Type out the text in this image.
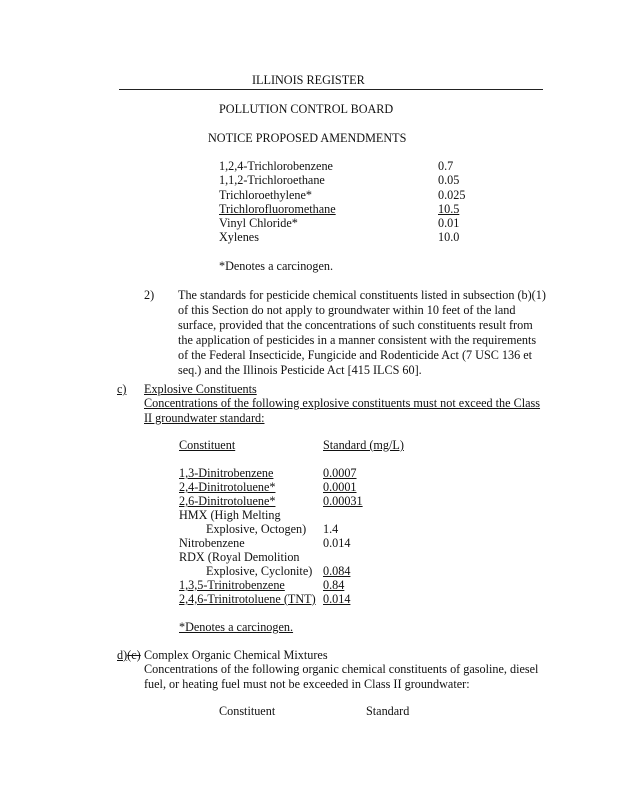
ILLINOIS REGISTER
POLLUTION CONTROL BOARD
NOTICE PROPOSED AMENDMENTS
1,2,4-Trichlorobenzene	0.7
1,1,2-Trichloroethane	0.05
Trichloroethylene*	0.025
Trichlorofluoromethane	10.5
Vinyl Chloride*	0.01
Xylenes	10.0
*Denotes a carcinogen.
2) The standards for pesticide chemical constituents listed in subsection (b)(1) of this Section do not apply to groundwater within 10 feet of the land surface, provided that the concentrations of such constituents result from the application of pesticides in a manner consistent with the requirements of the Federal Insecticide, Fungicide and Rodenticide Act (7 USC 136 et seq.) and the Illinois Pesticide Act [415 ILCS 60].
c) Explosive Constituents
Concentrations of the following explosive constituents must not exceed the Class II groundwater standard:
Constituent	Standard (mg/L)
1,3-Dinitrobenzene	0.0007
2,4-Dinitrotoluene*	0.0001
2,6-Dinitrotoluene*	0.00031
HMX (High Melting
Explosive, Octogen) 1.4
Nitrobenzene	0.014
RDX (Royal Demolition
Explosive, Cyclonite) 0.084
1,3,5-Trinitrobenzene	0.84
2,4,6-Trinitrotoluene (TNT) 0.014
*Denotes a carcinogen.
d)(c) Complex Organic Chemical Mixtures
Concentrations of the following organic chemical constituents of gasoline, diesel fuel, or heating fuel must not be exceeded in Class II groundwater:
Constituent	Standard
